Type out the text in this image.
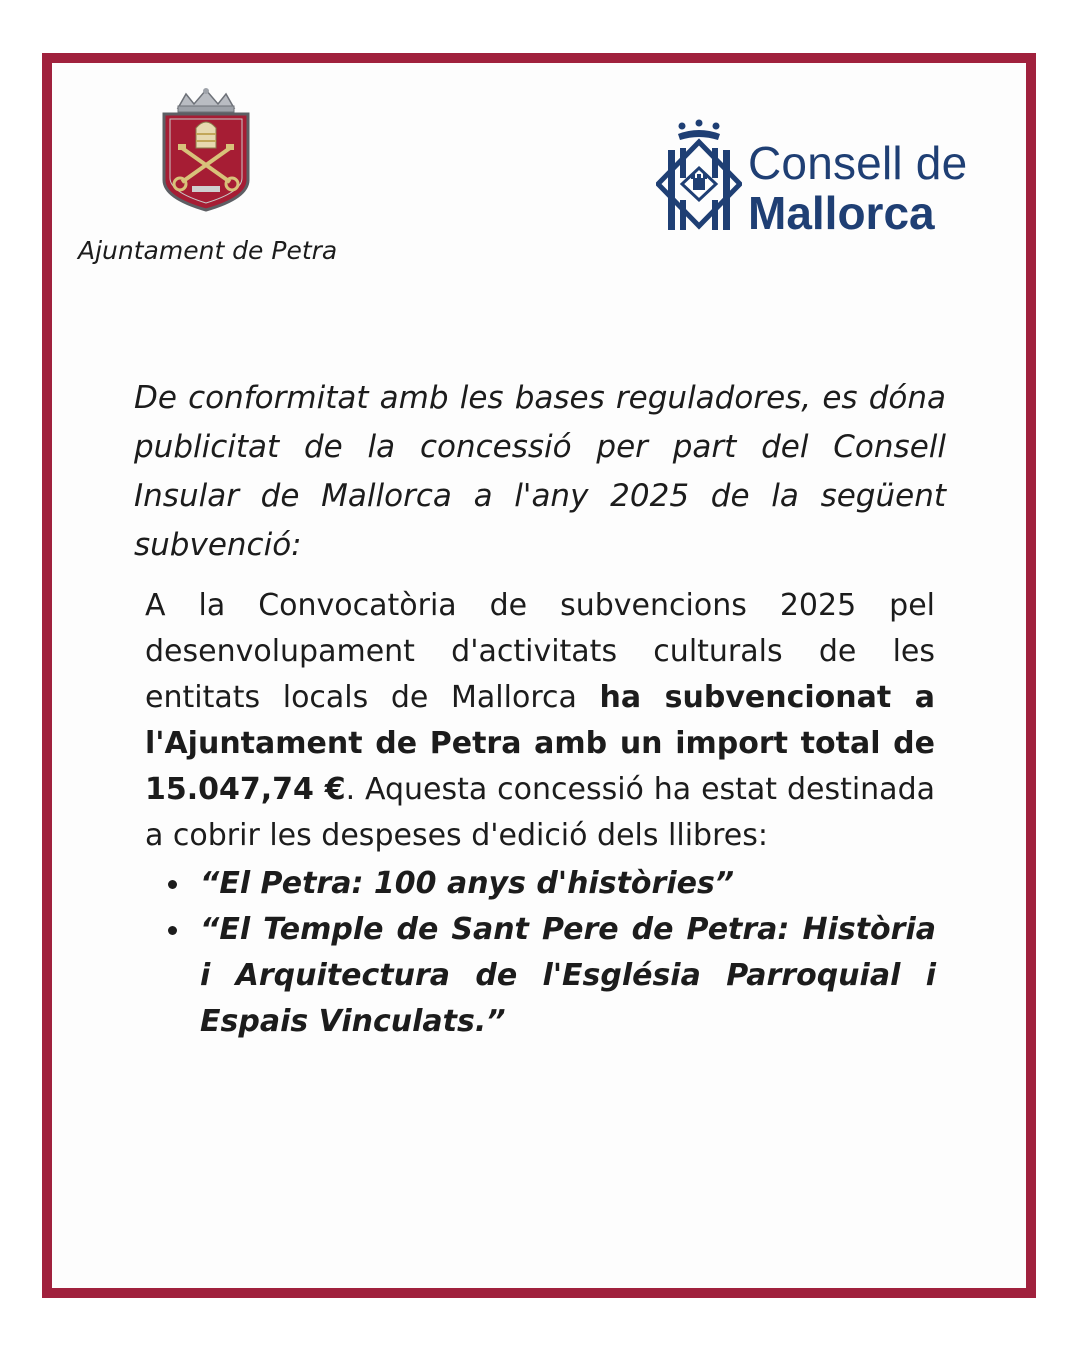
Ajuntament de Petra
Consell de
Mallorca
De conformitat amb les bases reguladores, es dóna publicitat de la concessió per part del Consell Insular de Mallorca a l'any 2025 de la següent subvenció:
A la Convocatòria de subvencions 2025 pel desenvolupament d'activitats culturals de les entitats locals de Mallorca ha subvencionat a l'Ajuntament de Petra amb un import total de 15.047,74 €. Aquesta concessió ha estat destinada a cobrir les despeses d'edició dels llibres:
“El Petra: 100 anys d'històries”
“El Temple de Sant Pere de Petra: Història i Arquitectura de l'Església Parroquial i Espais Vinculats.”
